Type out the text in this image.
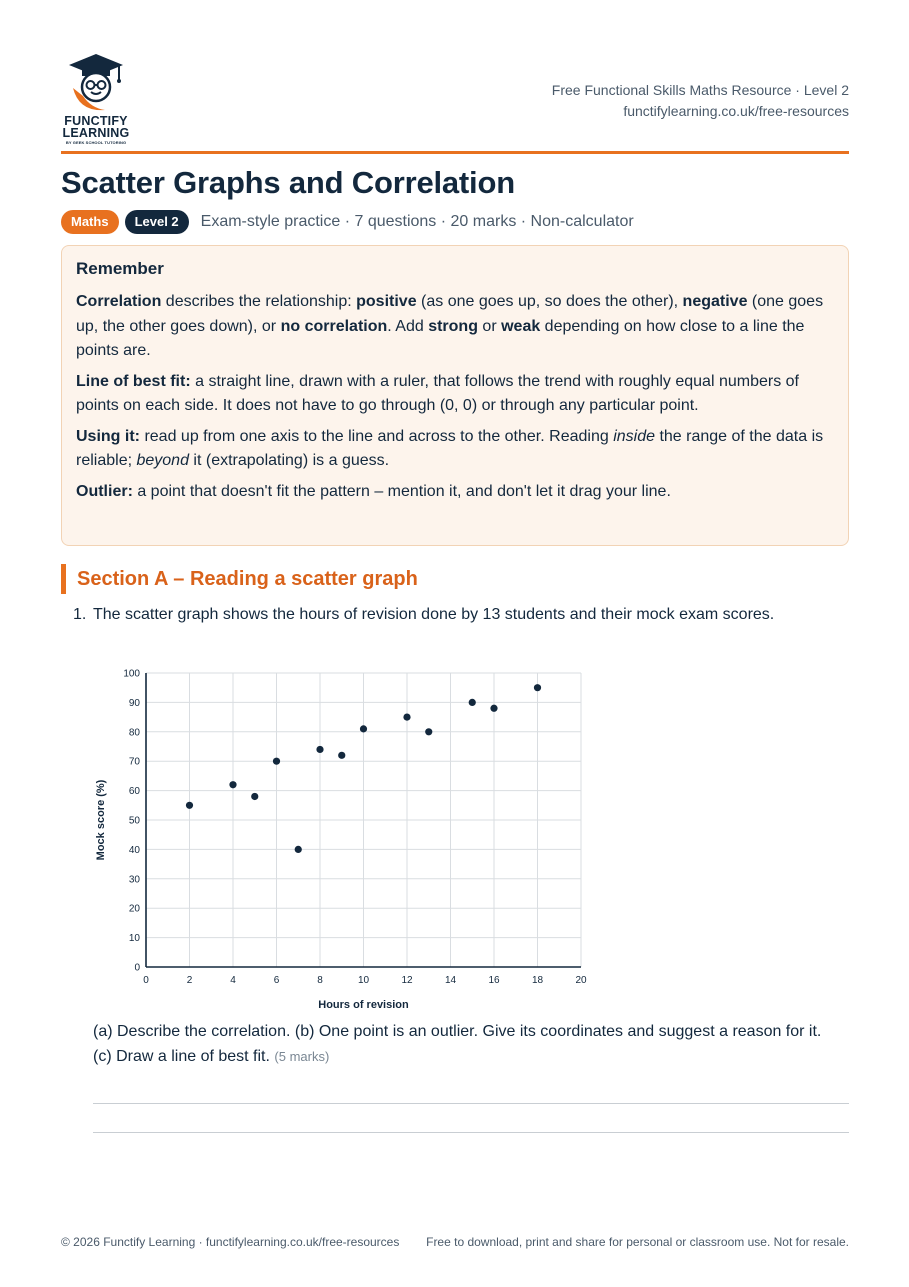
FUNCTIFY
LEARNING
BY GEEK SCHOOL TUTORING
Free Functional Skills Maths Resource · Level 2
functifylearning.co.uk/free-resources
Scatter Graphs and Correlation
Maths	Level 2	Exam-style practice · 7 questions · 20 marks · Non-calculator
Remember

Correlation describes the relationship: positive (as one goes up, so does the other), negative (one goes up, the other goes down), or no correlation. Add strong or weak depending on how close to a line the points are.

Line of best fit: a straight line, drawn with a ruler, that follows the trend with roughly equal numbers of points on each side. It does not have to go through (0, 0) or through any particular point.

Using it: read up from one axis to the line and across to the other. Reading inside the range of the data is reliable; beyond it (extrapolating) is a guess.

Outlier: a point that doesn't fit the pattern – mention it, and don't let it drag your line.

Section A – Reading a scatter graph
1. The scatter graph shows the hours of revision done by 13 students and their mock exam scores.
0	2	4	6	8	10	12	14	16	18	20
0
10
20
30
40
50
60
70
80
90
100
Hours of revision
Mock score (%)
(a) Describe the correlation. (b) One point is an outlier. Give its coordinates and suggest a reason for it. (c) Draw a line of best fit. (5 marks)
© 2026 Functify Learning · functifylearning.co.uk/free-resources	Free to download, print and share for personal or classroom use. Not for resale.
